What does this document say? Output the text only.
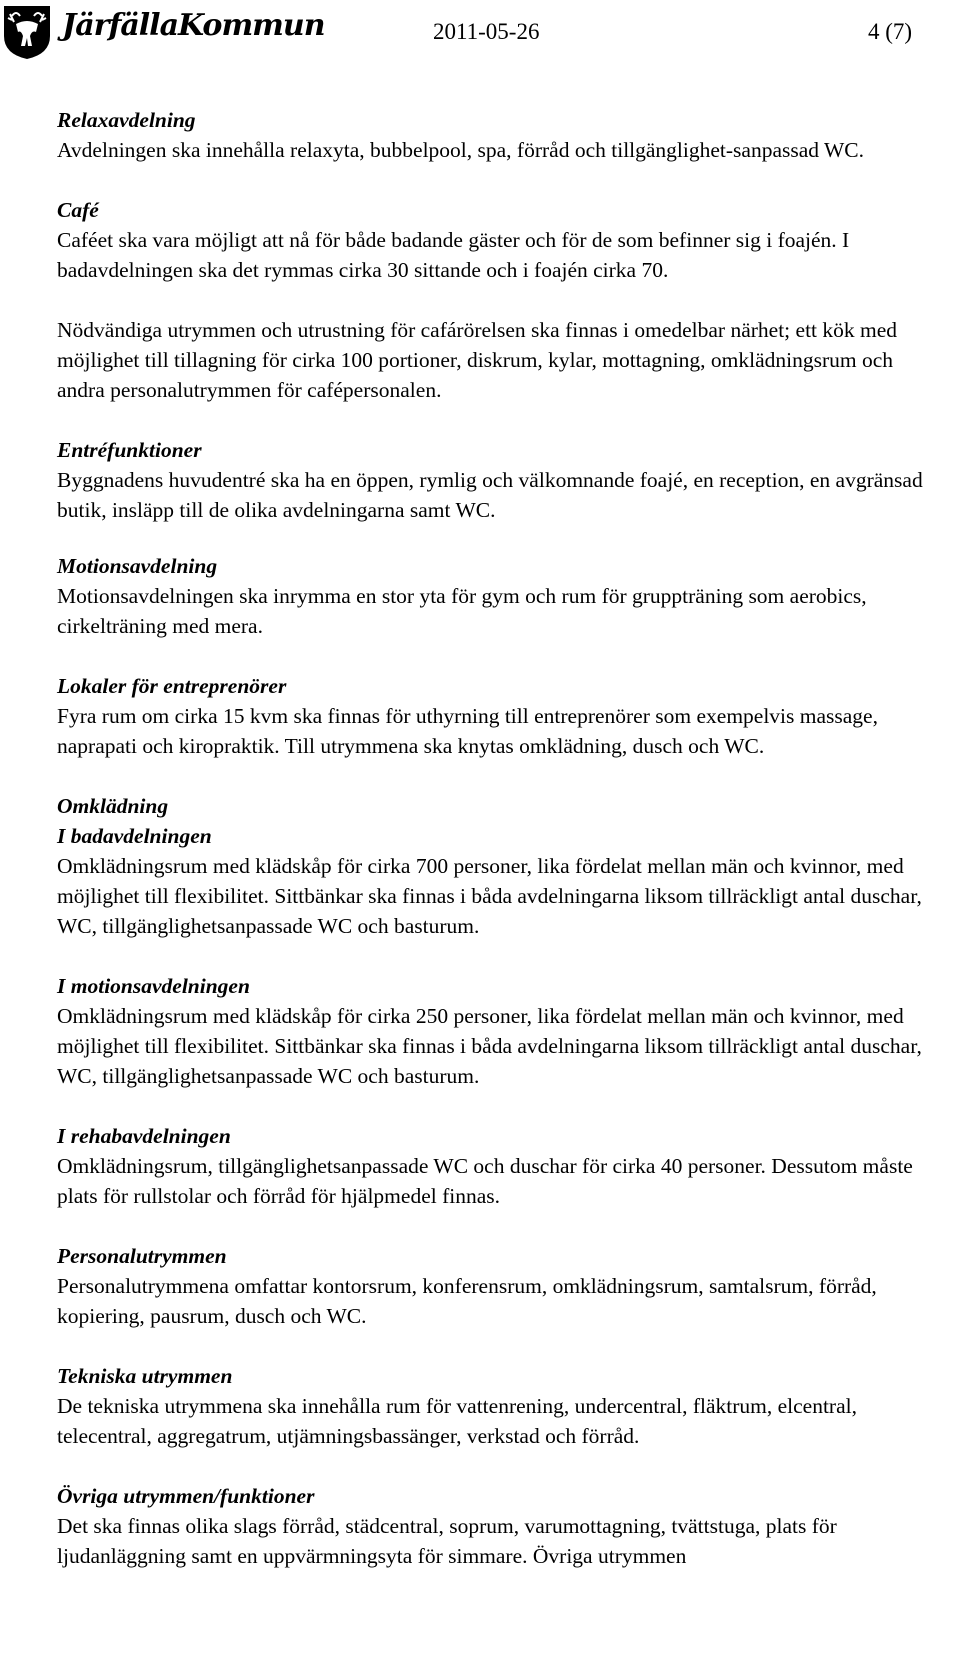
JärfällaKommun	2011-05-26	4 (7)
Relaxavdelning
Avdelningen ska innehålla relaxyta, bubbelpool, spa, förråd och tillgänglighet-sanpassad WC.
Café
Caféet ska vara möjligt att nå för både badande gäster och för de som befinner sig i foajén. I badavdelningen ska det rymmas cirka 30 sittande och i foajén cirka 70.
Nödvändiga utrymmen och utrustning för cafárörelsen ska finnas i omedelbar närhet; ett kök med möjlighet till tillagning för cirka 100 portioner, diskrum, kylar, mottagning, omklädningsrum och andra personalutrymmen för cafépersonalen.
Entréfunktioner
Byggnadens huvudentré ska ha en öppen, rymlig och välkomnande foajé, en reception, en avgränsad butik, insläpp till de olika avdelningarna samt WC.
Motionsavdelning
Motionsavdelningen ska inrymma en stor yta för gym och rum för gruppträning som aerobics, cirkelträning med mera.
Lokaler för entreprenörer
Fyra rum om cirka 15 kvm ska finnas för uthyrning till entreprenörer som exempelvis massage, naprapati och kiropraktik. Till utrymmena ska knytas omklädning, dusch och WC.
Omklädning
I badavdelningen
Omklädningsrum med klädskåp för cirka 700 personer, lika fördelat mellan män och kvinnor, med möjlighet till flexibilitet. Sittbänkar ska finnas i båda avdelningarna liksom tillräckligt antal duschar, WC, tillgänglighetsanpassade WC och basturum.
I motionsavdelningen
Omklädningsrum med klädskåp för cirka 250 personer, lika fördelat mellan män och kvinnor, med möjlighet till flexibilitet. Sittbänkar ska finnas i båda avdelningarna liksom tillräckligt antal duschar, WC, tillgänglighetsanpassade WC och basturum.
I rehabavdelningen
Omklädningsrum, tillgänglighetsanpassade WC och duschar för cirka 40 personer. Dessutom måste plats för rullstolar och förråd för hjälpmedel finnas.
Personalutrymmen
Personalutrymmena omfattar kontorsrum, konferensrum, omklädningsrum, samtalsrum, förråd, kopiering, pausrum, dusch och WC.
Tekniska utrymmen
De tekniska utrymmena ska innehålla rum för vattenrening, undercentral, fläktrum, elcentral, telecentral, aggregatrum, utjämningsbassänger, verkstad och förråd.
Övriga utrymmen/funktioner
Det ska finnas olika slags förråd, städcentral, soprum, varumottagning, tvättstuga, plats för ljudanläggning samt en uppvärmningsyta för simmare. Övriga utrymmen
